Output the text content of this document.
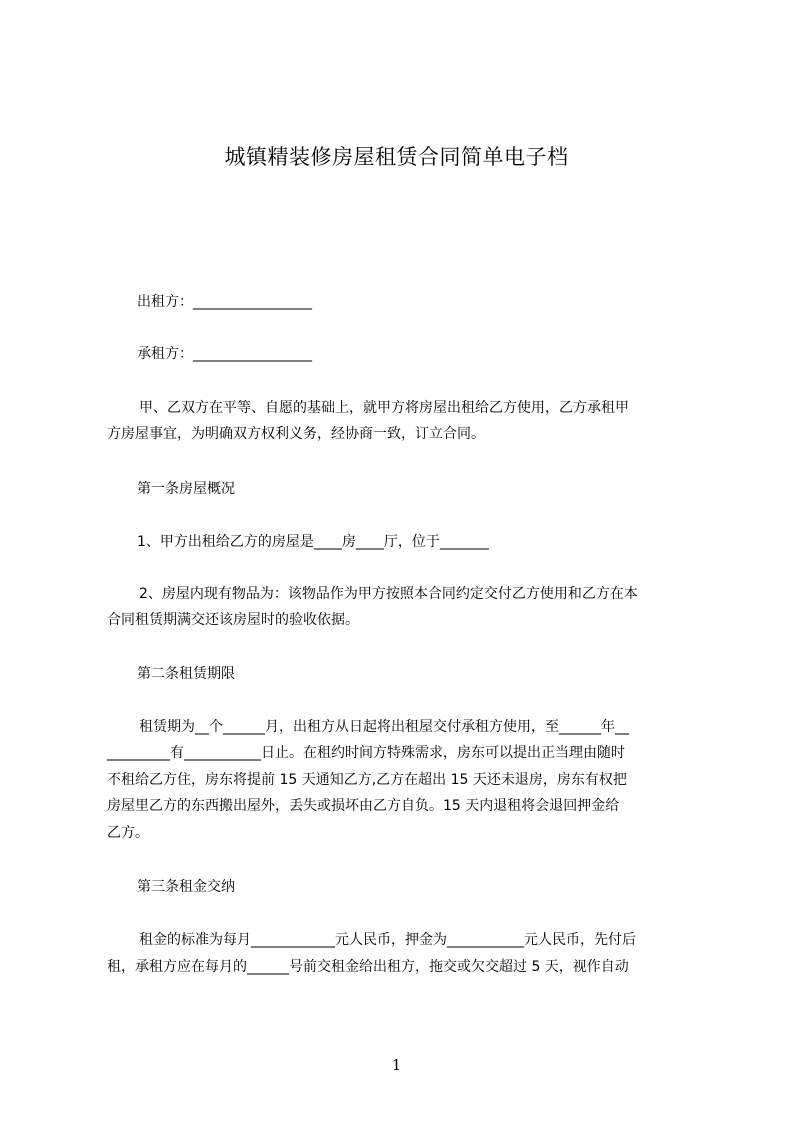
城镇精装修房屋租赁合同简单电子档
出租方：_________________
承租方：_________________
甲、乙双方在平等、自愿的基础上，就甲方将房屋出租给乙方使用，乙方承租甲
方房屋事宜，为明确双方权利义务，经协商一致，订立合同。
第一条房屋概况
1、甲方出租给乙方的房屋是____房____厅，位于_______
2、房屋内现有物品为：该物品作为甲方按照本合同约定交付乙方使用和乙方在本
合同租赁期满交还该房屋时的验收依据。
第二条租赁期限
租赁期为__个______月，出租方从日起将出租屋交付承租方使用，至______年__
_________有___________日止。在租约时间方特殊需求，房东可以提出正当理由随时
不租给乙方住，房东将提前 15 天通知乙方,乙方在超出 15 天还未退房，房东有权把
房屋里乙方的东西搬出屋外，丢失或损坏由乙方自负。15 天内退租将会退回押金给
乙方。
第三条租金交纳
租金的标准为每月____________元人民币，押金为___________元人民币，先付后
租，承租方应在每月的______号前交租金给出租方，拖交或欠交超过 5 天，视作自动
1
